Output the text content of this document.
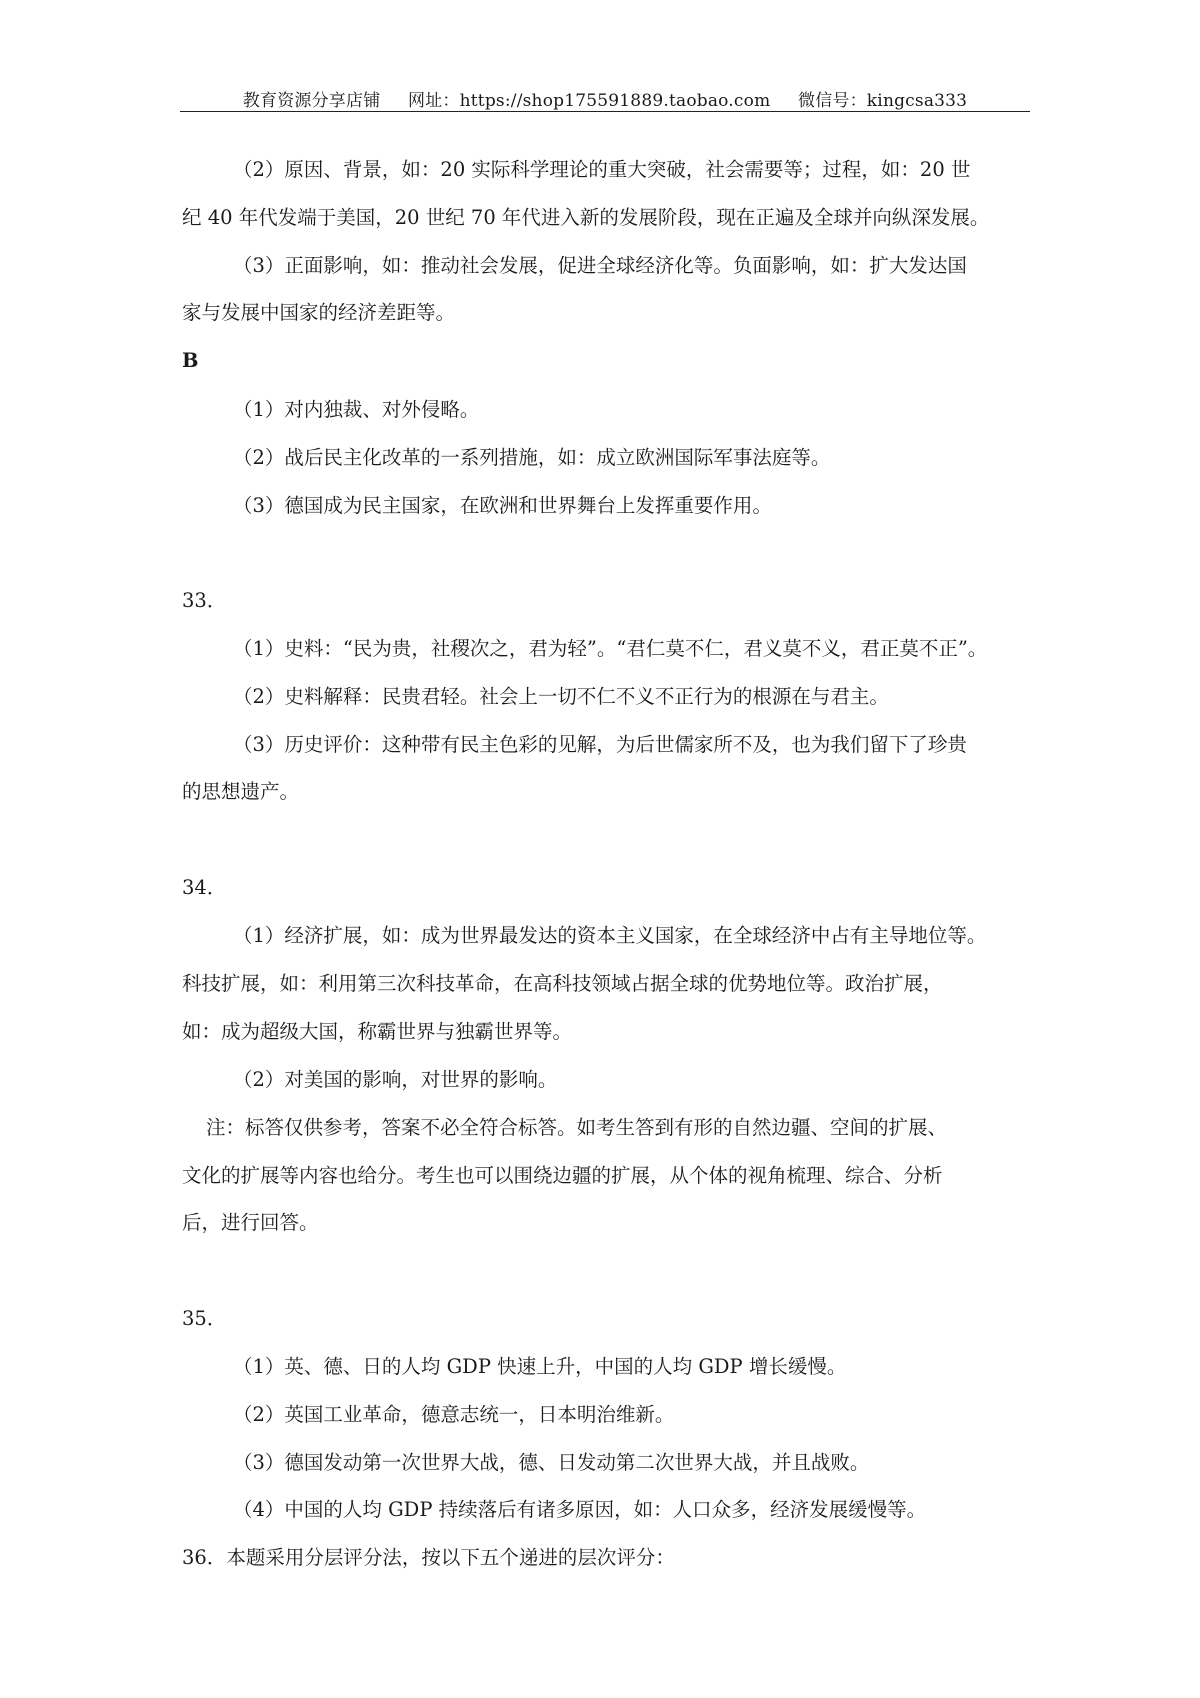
教育资源分享店铺 网址：https://shop175591889.taobao.com 微信号：kingcsa333
（2）原因、背景，如：20 实际科学理论的重大突破，社会需要等；过程，如：20 世
纪 40 年代发端于美国，20 世纪 70 年代进入新的发展阶段，现在正遍及全球并向纵深发展。
（3）正面影响，如：推动社会发展，促进全球经济化等。负面影响，如：扩大发达国
家与发展中国家的经济差距等。
B
（1）对内独裁、对外侵略。
（2）战后民主化改革的一系列措施，如：成立欧洲国际军事法庭等。
（3）德国成为民主国家，在欧洲和世界舞台上发挥重要作用。
33．
（1）史料：“民为贵，社稷次之，君为轻”。“君仁莫不仁，君义莫不义，君正莫不正”。
（2）史料解释：民贵君轻。社会上一切不仁不义不正行为的根源在与君主。
（3）历史评价：这种带有民主色彩的见解，为后世儒家所不及，也为我们留下了珍贵
的思想遗产。
34．
（1）经济扩展，如：成为世界最发达的资本主义国家，在全球经济中占有主导地位等。
科技扩展，如：利用第三次科技革命，在高科技领域占据全球的优势地位等。政治扩展，
如：成为超级大国，称霸世界与独霸世界等。
（2）对美国的影响，对世界的影响。
注：标答仅供参考，答案不必全符合标答。如考生答到有形的自然边疆、空间的扩展、
文化的扩展等内容也给分。考生也可以围绕边疆的扩展，从个体的视角梳理、综合、分析
后，进行回答。
35．
（1）英、德、日的人均 GDP 快速上升，中国的人均 GDP 增长缓慢。
（2）英国工业革命，德意志统一，日本明治维新。
（3）德国发动第一次世界大战，德、日发动第二次世界大战，并且战败。
（4）中国的人均 GDP 持续落后有诸多原因，如：人口众多，经济发展缓慢等。
36．本题采用分层评分法，按以下五个递进的层次评分：
